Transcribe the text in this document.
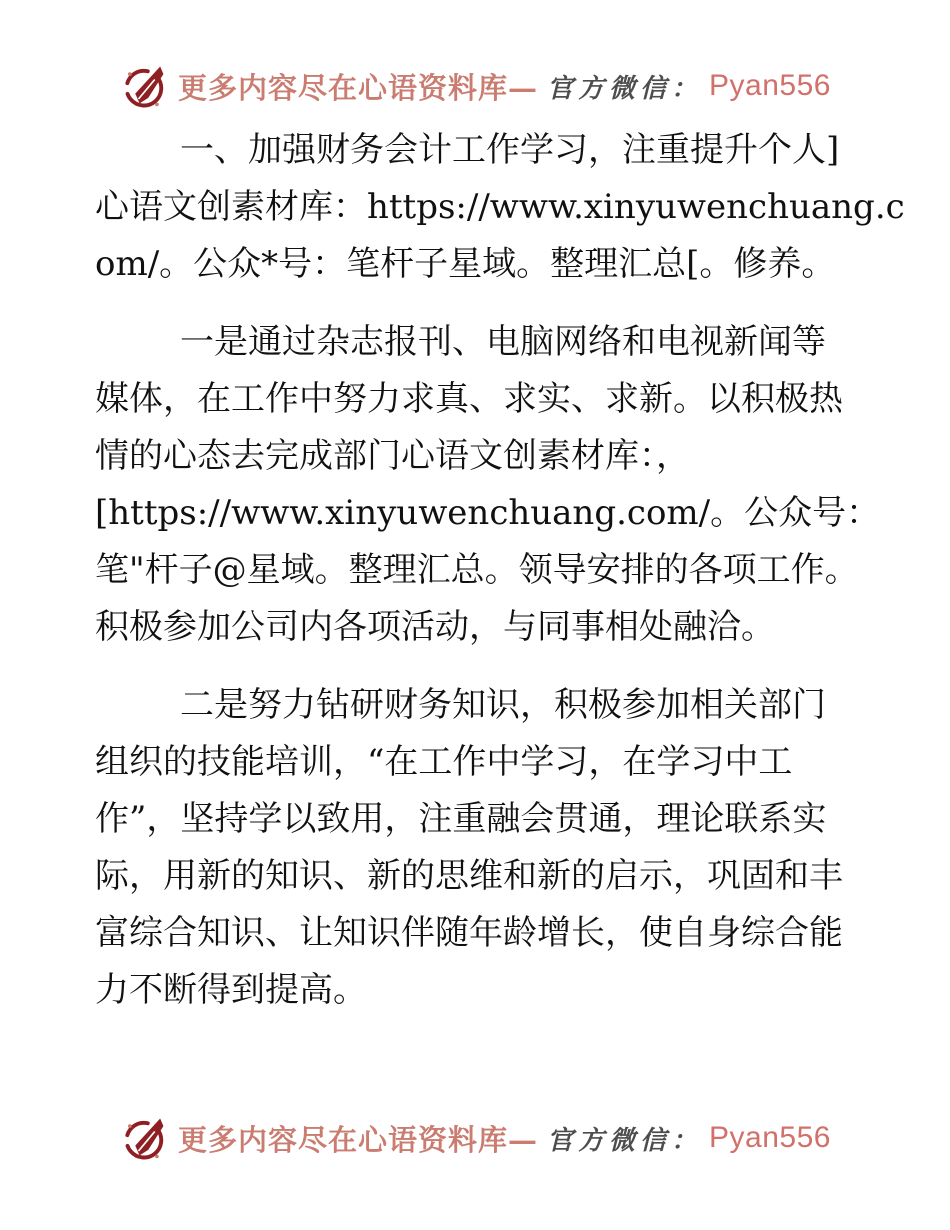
更多内容尽在心语资料库— 官方微信： Pyan556
一、加强财务会计工作学习，注重提升个人]
心语文创素材库：https://www.xinyuwenchuang.c
om/。公众*号：笔杆子星域。整理汇总[。修养。
一是通过杂志报刊、电脑网络和电视新闻等
媒体，在工作中努力求真、求实、求新。以积极热
情的心态去完成部门心语文创素材库：，
[https://www.xinyuwenchuang.com/。公众号：
笔"杆子@星域。整理汇总。领导安排的各项工作。
积极参加公司内各项活动，与同事相处融洽。
二是努力钻研财务知识，积极参加相关部门
组织的技能培训，“在工作中学习，在学习中工
作”，坚持学以致用，注重融会贯通，理论联系实
际，用新的知识、新的思维和新的启示，巩固和丰
富综合知识、让知识伴随年龄增长，使自身综合能
力不断得到提高。
更多内容尽在心语资料库— 官方微信： Pyan556
